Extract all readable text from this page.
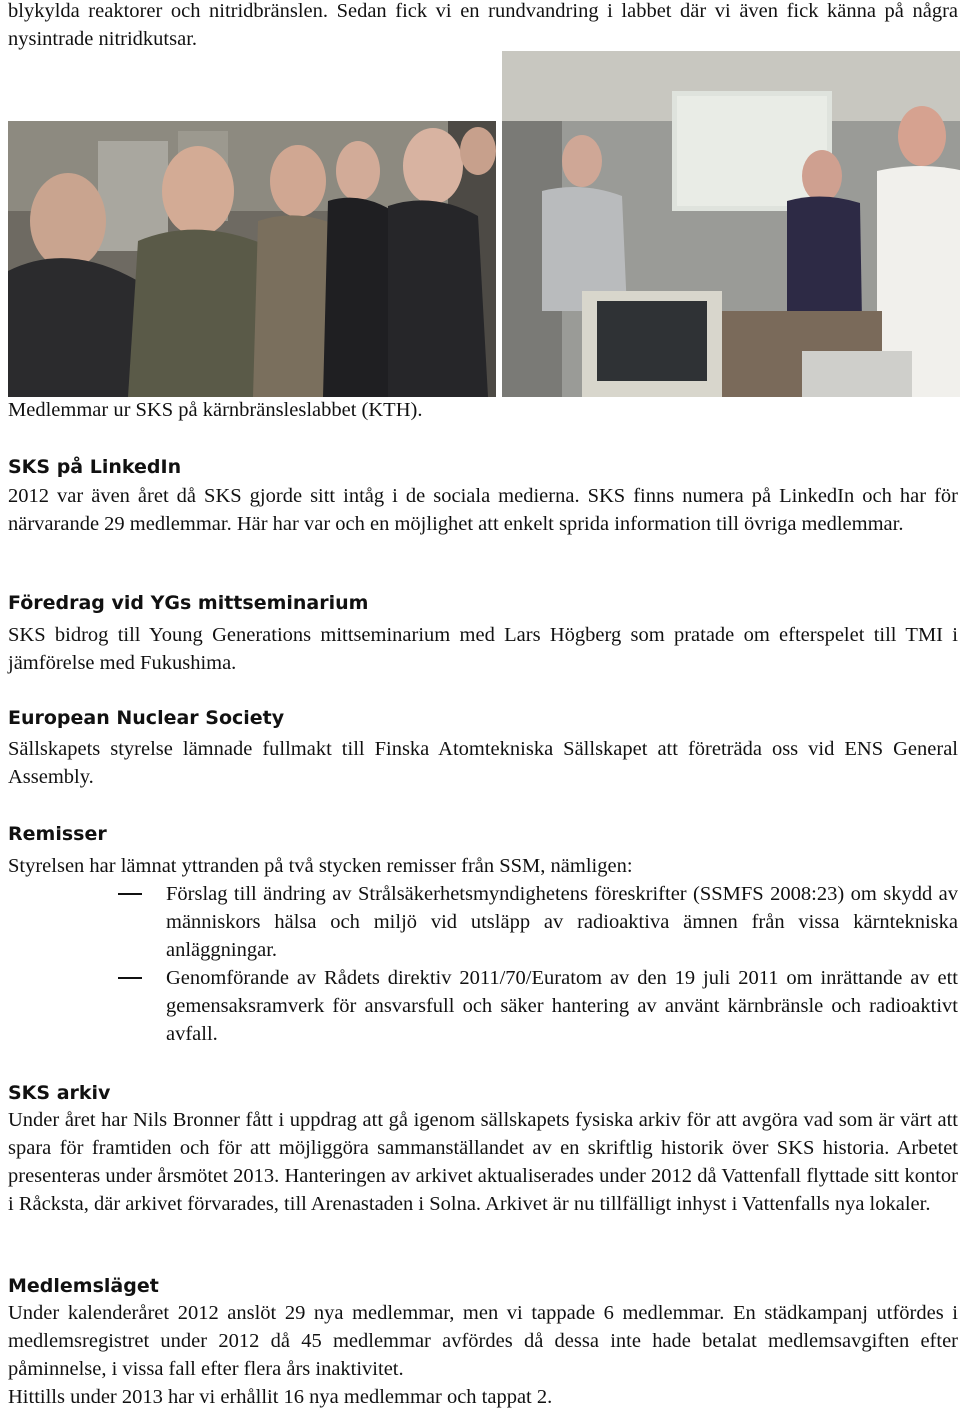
blykylda reaktorer och nitridbränslen. Sedan fick vi en rundvandring i labbet där vi även fick känna på några nysintrade nitridkutsar.

Medlemmar ur SKS på kärnbränsleslabbet (KTH).

SKS på LinkedIn

2012 var även året då SKS gjorde sitt intåg i de sociala medierna. SKS finns numera på LinkedIn och har för närvarande 29 medlemmar. Här har var och en möjlighet att enkelt sprida information till övriga medlemmar.

Föredrag vid YGs mittseminarium

SKS bidrog till Young Generations mittseminarium med Lars Högberg som pratade om efterspelet till TMI i jämförelse med Fukushima.

European Nuclear Society

Sällskapets styrelse lämnade fullmakt till Finska Atomtekniska Sällskapet att företräda oss vid ENS General Assembly.

Remisser

Styrelsen har lämnat yttranden på två stycken remisser från SSM, nämligen:

Förslag till ändring av Strålsäkerhetsmyndighetens föreskrifter (SSMFS 2008:23) om skydd av människors hälsa och miljö vid utsläpp av radioaktiva ämnen från vissa kärntekniska anläggningar.
Genomförande av Rådets direktiv 2011/70/Euratom av den 19 juli 2011 om inrättande av ett gemensaksramverk för ansvarsfull och säker hantering av använt kärnbränsle och radioaktivt avfall.

SKS arkiv

Under året har Nils Bronner fått i uppdrag att gå igenom sällskapets fysiska arkiv för att avgöra vad som är värt att spara för framtiden och för att möjliggöra sammanställandet av en skriftlig historik över SKS historia. Arbetet presenteras under årsmötet 2013. Hanteringen av arkivet aktualiserades under 2012 då Vattenfall flyttade sitt kontor i Råcksta, där arkivet förvarades, till Arenastaden i Solna. Arkivet är nu tillfälligt inhyst i Vattenfalls nya lokaler.

Medlemsläget

Under kalenderåret 2012 anslöt 29 nya medlemmar, men vi tappade 6 medlemmar. En städkampanj utfördes i medlemsregistret under 2012 då 45 medlemmar avfördes då dessa inte hade betalat medlemsavgiften efter påminnelse, i vissa fall efter flera års inaktivitet.

Hittills under 2013 har vi erhållit 16 nya medlemmar och tappat 2.
